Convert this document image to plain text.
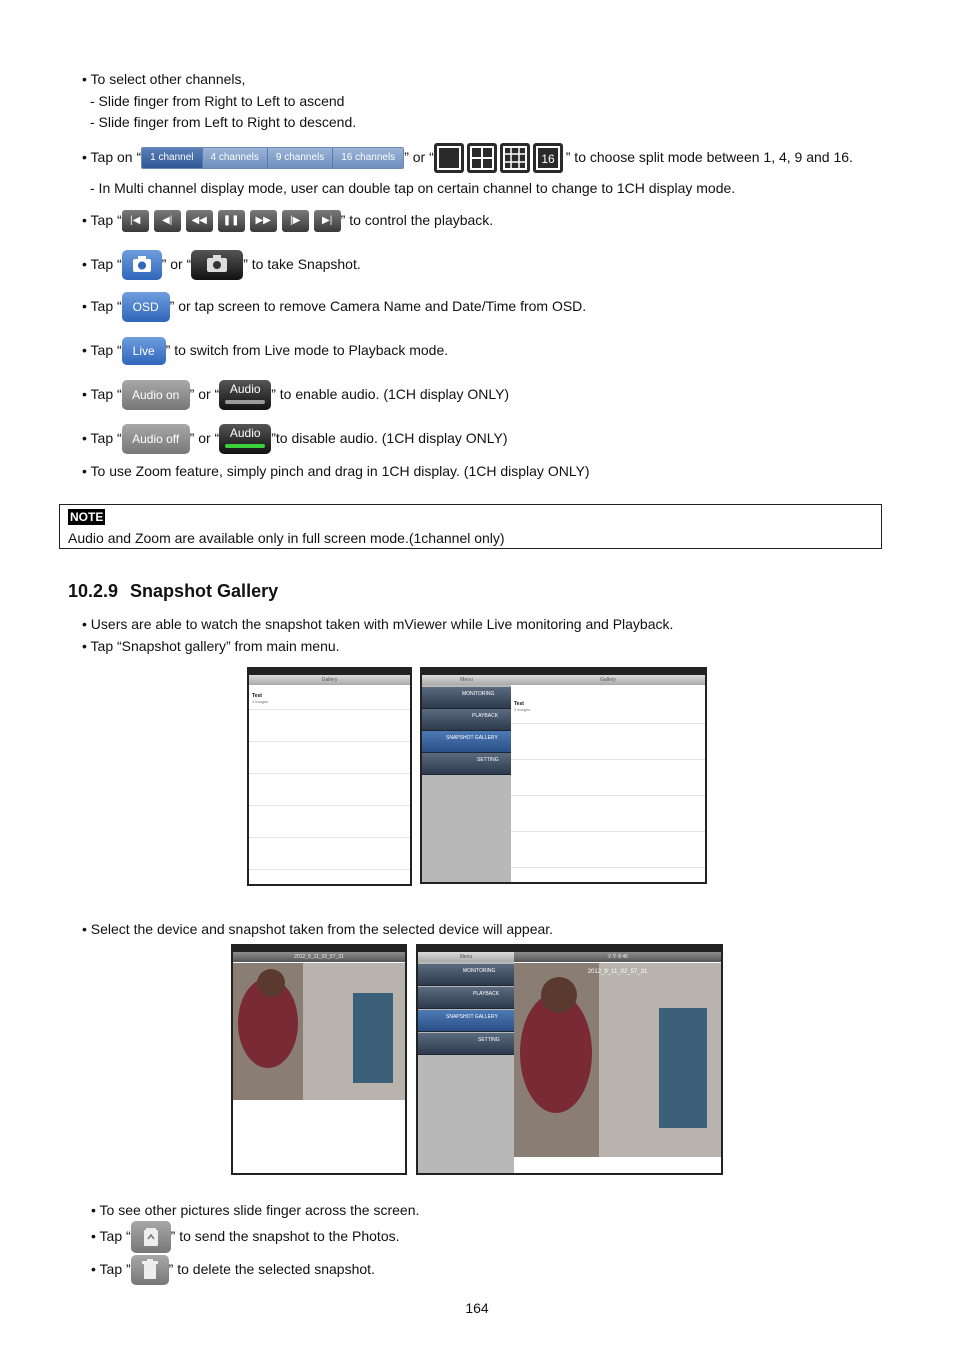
• To select other channels,
- Slide finger from Right to Left to ascend
- Slide finger from Left to Right to descend.
• Tap on “ 1 channel	4 channels	9 channels	16 channels ” or “	16 ” to choose split mode between 1, 4, 9 and 16.
- In Multi channel display mode, user can double tap on certain channel to change to 1CH display mode.
• Tap “ |◀ ◀| ◀◀ ❚❚ ▶▶ |▶ ▶| ” to control the playback.
• Tap “	” or “	” to take Snapshot.
• Tap “ OSD ” or tap screen to remove Camera Name and Date/Time from OSD.
• Tap “ Live ” to switch from Live mode to Playback mode.
• Tap “ Audio on ” or “ Audio ” to enable audio. (1CH display ONLY)
• Tap “ Audio off ” or “ Audio ”to disable audio. (1CH display ONLY)
• To use Zoom feature, simply pinch and drag in 1CH display. (1CH display ONLY)
NOTE
Audio and Zoom are available only in full screen mode.(1channel only)
10.2.9 Snapshot Gallery
• Users are able to watch the snapshot taken with mViewer while Live monitoring and Playback.
• Tap “Snapshot gallery” from main menu.
Gallery
Test
4 images
Menu
MONITORING
PLAYBACK
SNAPSHOT GALLERY
SETTING
Gallery
Test
4 images
• Select the device and snapshot taken from the selected device will appear.
2012_9_11_02_57_31	Menu
MONITORING
PLAYBACK
SNAPSHOT GALLERY
SETTING
오후 8:46
2012_9_11_02_57_31
• To see other pictures slide finger across the screen.
• Tap “	” to send the snapshot to the Photos.
• Tap ”	” to delete the selected snapshot.
164
